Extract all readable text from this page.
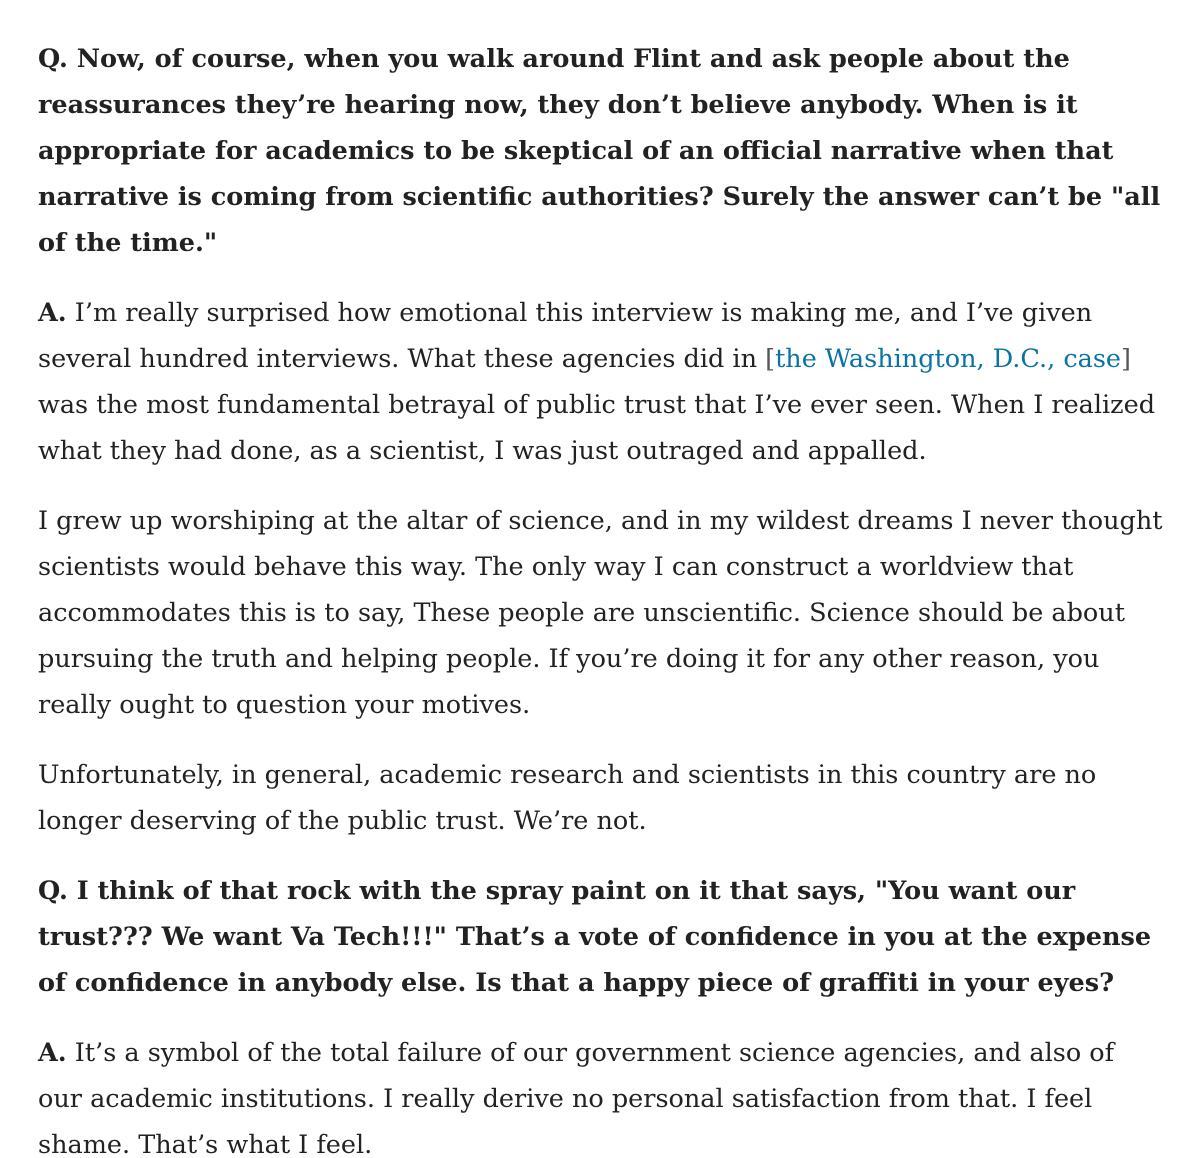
Q. Now, of course, when you walk around Flint and ask people about the reassurances they’re hearing now, they don’t believe anybody. When is it appropriate for academics to be skeptical of an official narrative when that narrative is coming from scientific authorities? Surely the answer can’t be "all of the time."

A. I’m really surprised how emotional this interview is making me, and I’ve given several hundred interviews. What these agencies did in [the Washington, D.C., case] was the most fundamental betrayal of public trust that I’ve ever seen. When I realized what they had done, as a scientist, I was just outraged and appalled.

I grew up worshiping at the altar of science, and in my wildest dreams I never thought scientists would behave this way. The only way I can construct a worldview that accommodates this is to say, These people are unscientific. Science should be about pursuing the truth and helping people. If you’re doing it for any other reason, you really ought to question your motives.

Unfortunately, in general, academic research and scientists in this country are no longer deserving of the public trust. We’re not.

Q. I think of that rock with the spray paint on it that says, "You want our trust??? We want Va Tech!!!" That’s a vote of confidence in you at the expense of confidence in anybody else. Is that a happy piece of graffiti in your eyes?

A. It’s a symbol of the total failure of our government science agencies, and also of our academic institutions. I really derive no personal satisfaction from that. I feel shame. That’s what I feel.
